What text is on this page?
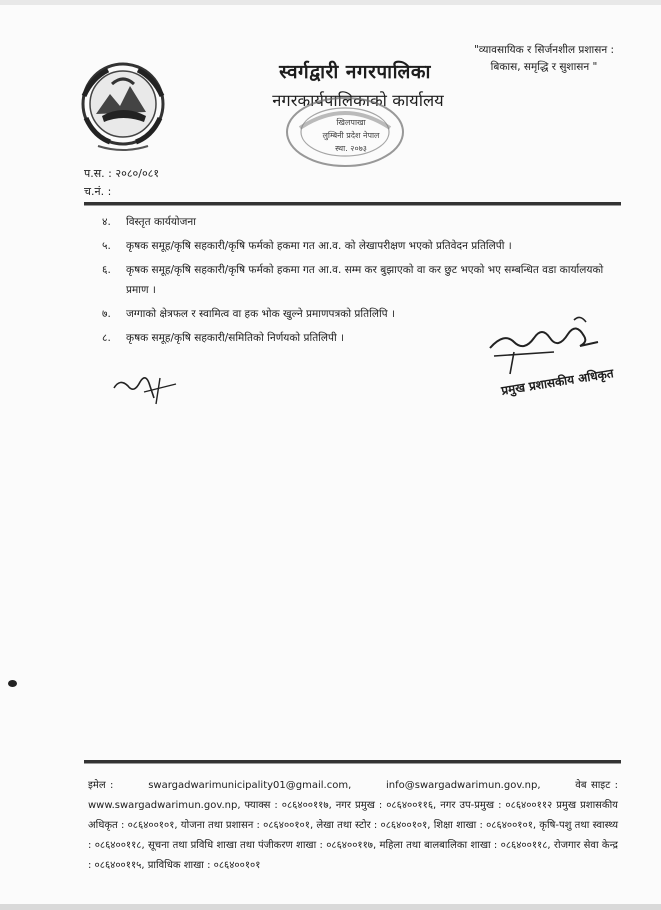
स्वर्गद्वारी नगरपालिका
नगरकार्यपालिकाको कार्यालय
खिलपाखा
लुम्बिनी प्रदेश नेपाल
स्था. २०७३
"व्यावसायिक र सिर्जनशील प्रशासन :
बिकास, समृद्धि र सुशासन "
प.स. : २०८०/०८१
च.नं. :
४. विस्तृत कार्ययोजना
५. कृषक समूह/कृषि सहकारी/कृषि फर्मको हकमा गत आ.व. को लेखापरीक्षण भएको प्रतिवेदन प्रतिलिपी ।
६. कृषक समूह/कृषि सहकारी/कृषि फर्मको हकमा गत आ.व. सम्म कर बुझाएको वा कर छुट भएको भए सम्बन्धित वडा कार्यालयको प्रमाण ।
७. जग्गाको क्षेत्रफल र स्वामित्व वा हक भोक खुल्ने प्रमाणपत्रको प्रतिलिपि ।
८. कृषक समूह/कृषि सहकारी/समितिको निर्णयको प्रतिलिपी ।
प्रमुख प्रशासकीय अधिकृत
इमेल :	swargadwarimunicipality01@gmail.com,	info@swargadwarimun.gov.np,	वेब साइट : www.swargadwarimun.gov.np, फ्याक्स : ०८६४००११७, नगर प्रमुख : ०८६४००११६, नगर उप-प्रमुख : ०८६४००११२ प्रमुख प्रशासकीय अधिकृत : ०८६४००१०१, योजना तथा प्रशासन : ०८६४००१०१, लेखा तथा स्टोर : ०८६४००१०१, शिक्षा शाखा : ०८६४००१०१, कृषि-पशु तथा स्वास्थ्य : ०८६४००११८, सूचना तथा प्रविधि शाखा तथा पंजीकरण शाखा : ०८६४००११७, महिला तथा बालबालिका शाखा : ०८६४००११८, रोजगार सेवा केन्द्र : ०८६४००११५, प्राविधिक शाखा : ०८६४००१०१
